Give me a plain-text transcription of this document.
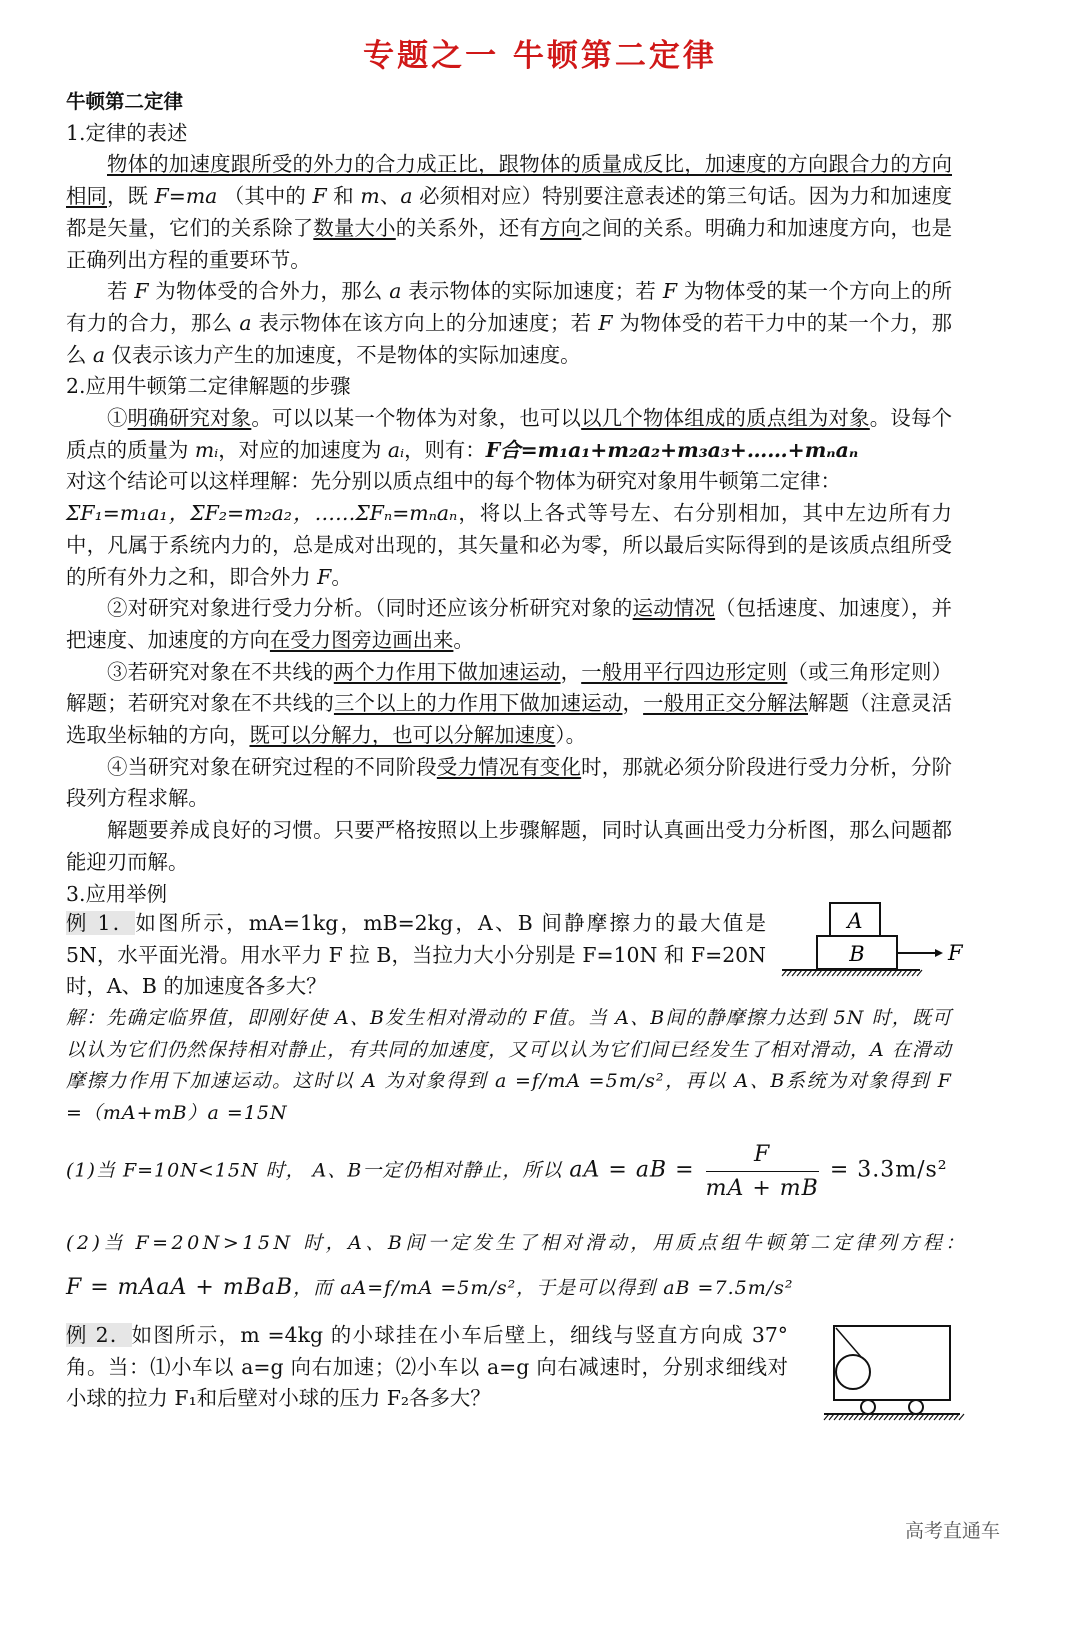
专题之一 牛顿第二定律

牛顿第二定律

1.定律的表述

物体的加速度跟所受的外力的合力成正比，跟物体的质量成反比，加速度的方向跟合力的方向相同，既 F=ma （其中的 F 和 m、a 必须相对应）特别要注意表述的第三句话。因为力和加速度都是矢量，它们的关系除了数量大小的关系外，还有方向之间的关系。明确力和加速度方向，也是正确列出方程的重要环节。

若 F 为物体受的合外力，那么 a 表示物体的实际加速度；若 F 为物体受的某一个方向上的所有力的合力，那么 a 表示物体在该方向上的分加速度；若 F 为物体受的若干力中的某一个力，那么 a 仅表示该力产生的加速度，不是物体的实际加速度。

2.应用牛顿第二定律解题的步骤

①明确研究对象。可以以某一个物体为对象，也可以以几个物体组成的质点组为对象。设每个质点的质量为 mᵢ，对应的加速度为 aᵢ，则有：F合=m₁a₁+m₂a₂+m₃a₃+……+mₙaₙ

对这个结论可以这样理解：先分别以质点组中的每个物体为研究对象用牛顿第二定律：

ΣF₁=m₁a₁，ΣF₂=m₂a₂，……ΣFₙ=mₙaₙ，将以上各式等号左、右分别相加，其中左边所有力中，凡属于系统内力的，总是成对出现的，其矢量和必为零，所以最后实际得到的是该质点组所受的所有外力之和，即合外力 F。

②对研究对象进行受力分析。（同时还应该分析研究对象的运动情况（包括速度、加速度），并把速度、加速度的方向在受力图旁边画出来。

③若研究对象在不共线的两个力作用下做加速运动，一般用平行四边形定则（或三角形定则）解题；若研究对象在不共线的三个以上的力作用下做加速运动，一般用正交分解法解题（注意灵活选取坐标轴的方向，既可以分解力，也可以分解加速度）。

④当研究对象在研究过程的不同阶段受力情况有变化时，那就必须分阶段进行受力分析，分阶段列方程求解。

解题要养成良好的习惯。只要严格按照以上步骤解题，同时认真画出受力分析图，那么问题都能迎刃而解。

3.应用举例

例 1．如图所示，mA=1kg，mB=2kg，A、B 间静摩擦力的最大值是 5N，水平面光滑。用水平力 F 拉 B，当拉力大小分别是 F=10N 和 F=20N 时，A、B 的加速度各多大？
A
B	F
解：先确定临界值，即刚好使 A、B发生相对滑动的 F值。当 A、B间的静摩擦力达到 5N 时，既可以认为它们仍然保持相对静止，有共同的加速度，又可以认为它们间已经发生了相对滑动，A 在滑动摩擦力作用下加速运动。这时以 A 为对象得到 a =f/mA =5m/s²，再以 A、B系统为对象得到 F =（mA+mB）a =15N
(1)当 F=10N<15N 时， A、B一定仍相对静止，所以 aA = aB = $\frac{F}{mA + mB} = 3.3m/s^2$
(2)当 F=20N>15N 时，A、B间一定发生了相对滑动，用质点组牛顿第二定律列方程：
F = mAaA + mBaB，而 aA=f/mA =5m/s²，于是可以得到 aB =7.5m/s²
例 2．如图所示，m =4kg 的小球挂在小车后壁上，细线与竖直方向成 37° 角。当：⑴小车以 a=g 向右加速；⑵小车以 a=g 向右减速时，分别求细线对小球的拉力 F₁和后壁对小球的压力 F₂各多大？
高考直通车
